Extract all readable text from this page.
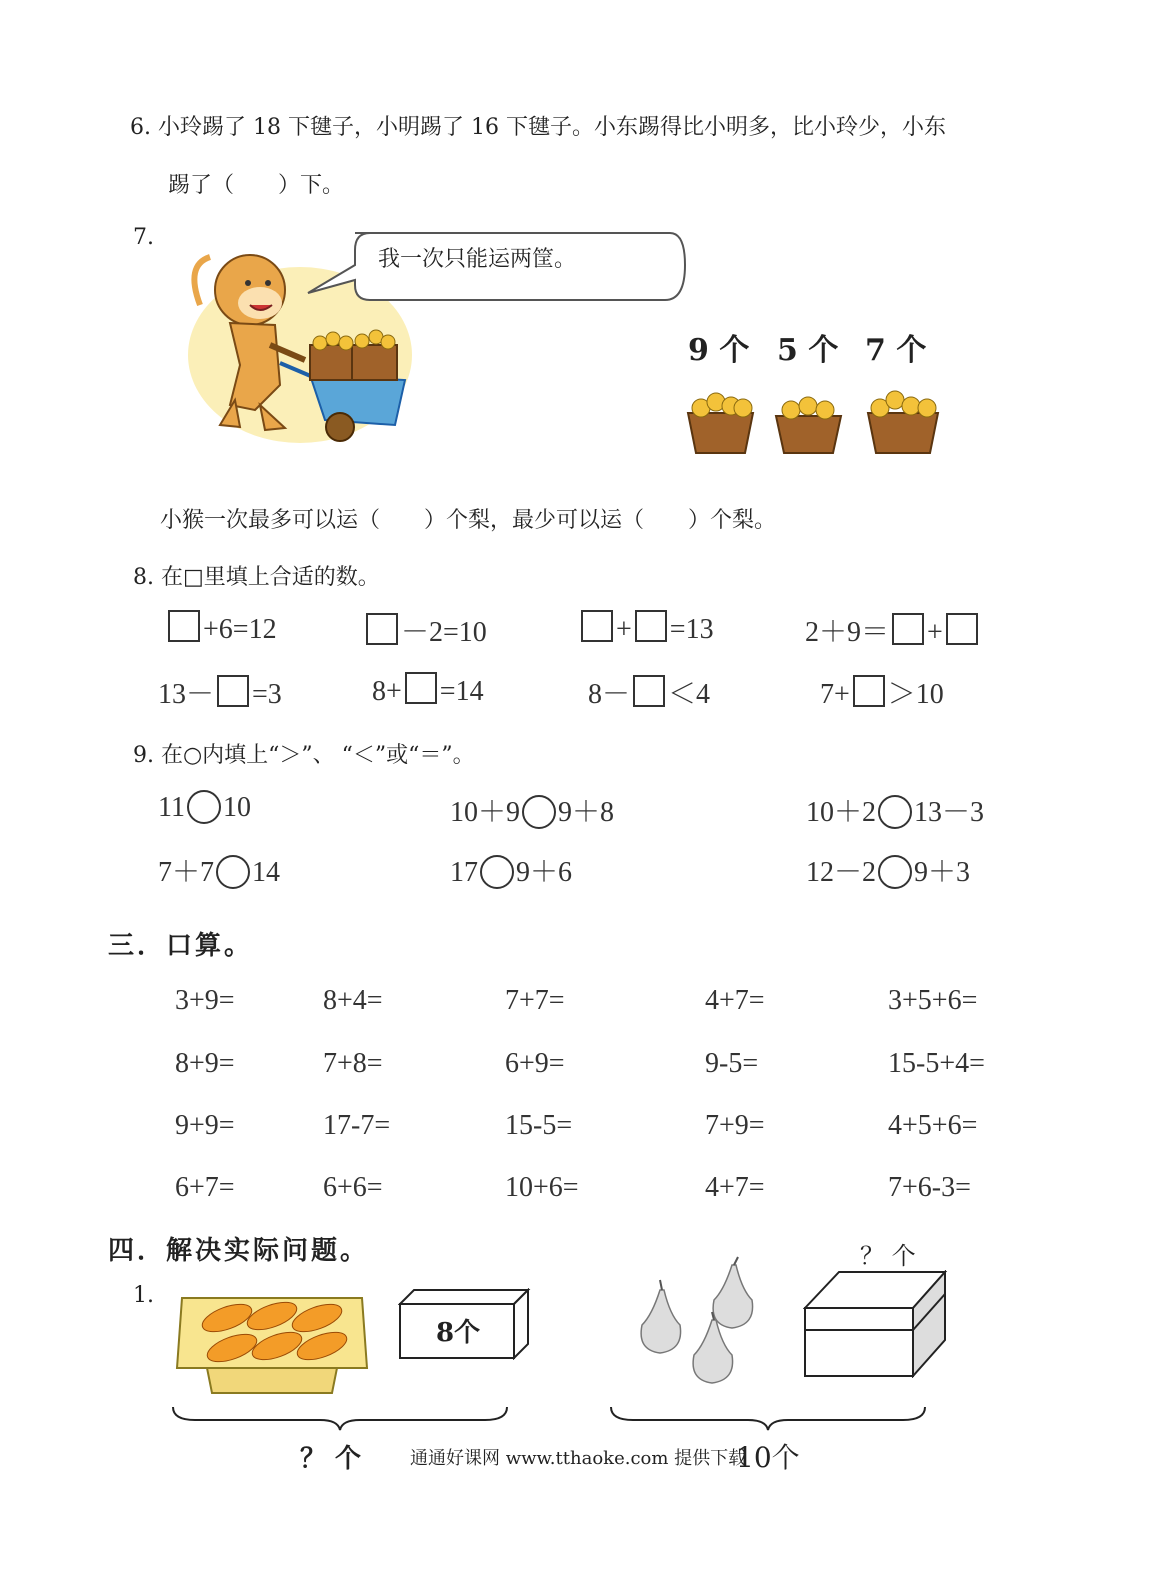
6. 小玲踢了 18 下毽子，小明踢了 16 下毽子。小东踢得比小明多，比小玲少，小东
踢了（　　）下。
7.
我一次只能运两筐。
9 个 5 个 7 个
小猴一次最多可以运（　　）个梨，最少可以运（　　）个梨。
8. 在□里填上合适的数。
+6=12	－2=10	+ =13	2＋9＝ +
13－ =3	8+ =14	8－ ＜4	7+ ＞10
9. 在○内填上“＞”、 “＜”或“＝”。
11 10	10＋9 9＋8	10＋2 13－3
7＋7 14	17 9＋6	12－2 9＋3
三．口算。
3+9=	8+4=	7+7=	4+7=	3+5+6=
8+9=	7+8=	6+9=	9-5=	15-5+4=
9+9=	17-7=	15-5=	7+9=	4+5+6=
6+7=	6+6=	10+6=	4+7=	7+6-3=
四．解决实际问题。
1.
8个
？ 个
？ 个	通通好课网 www.tthaoke.com 提供下载
10个
